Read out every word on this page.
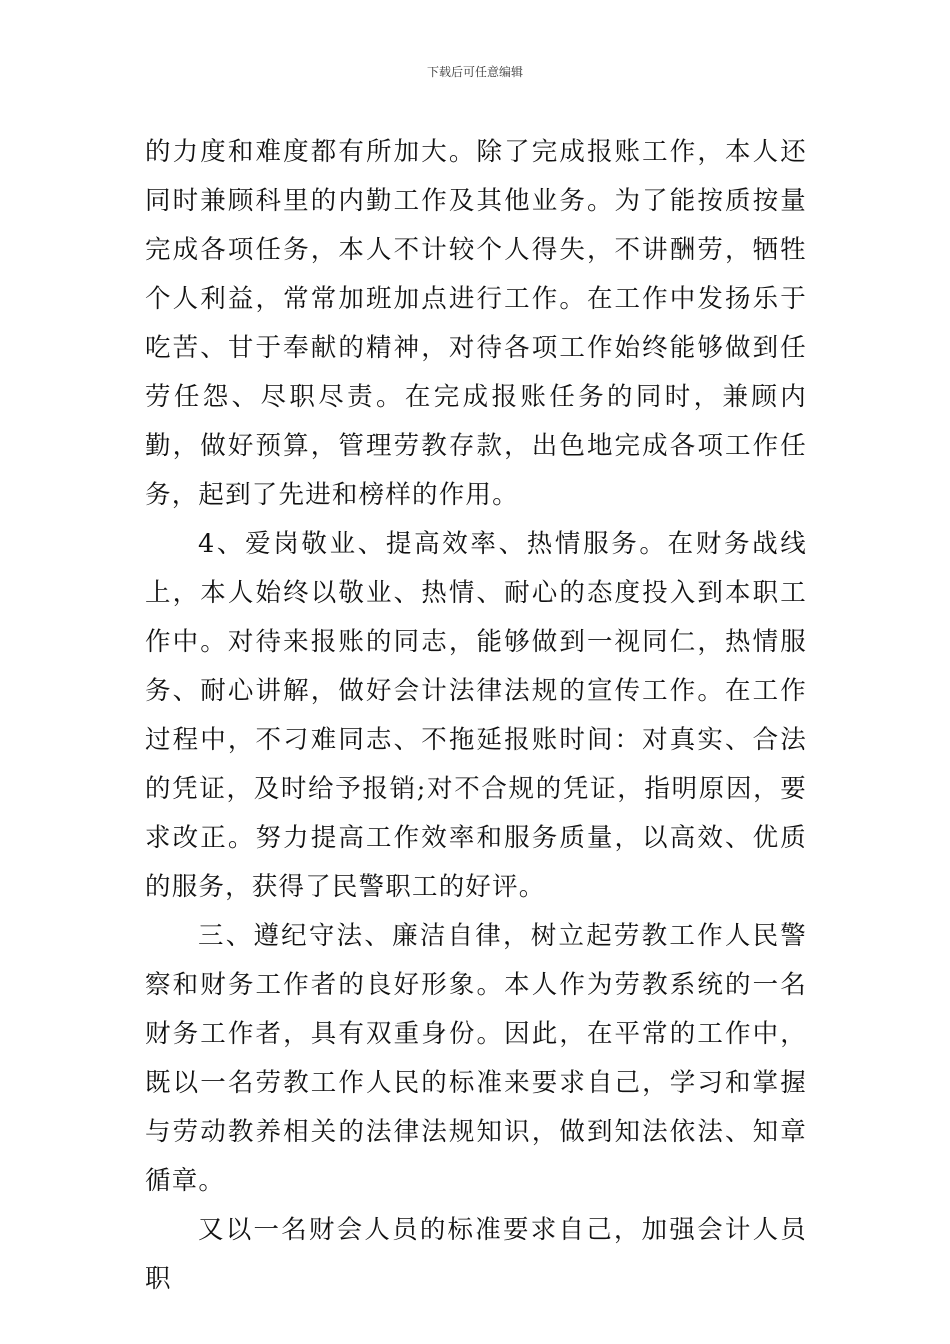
下载后可任意编辑

的力度和难度都有所加大。除了完成报账工作，本人还同时兼顾科里的内勤工作及其他业务。为了能按质按量完成各项任务，本人不计较个人得失，不讲酬劳，牺牲个人利益，常常加班加点进行工作。在工作中发扬乐于吃苦、甘于奉献的精神，对待各项工作始终能够做到任劳任怨、尽职尽责。在完成报账任务的同时，兼顾内勤，做好预算，管理劳教存款，出色地完成各项工作任务，起到了先进和榜样的作用。

4、爱岗敬业、提高效率、热情服务。在财务战线上，本人始终以敬业、热情、耐心的态度投入到本职工作中。对待来报账的同志，能够做到一视同仁，热情服务、耐心讲解，做好会计法律法规的宣传工作。在工作过程中，不刁难同志、不拖延报账时间：对真实、合法的凭证，及时给予报销;对不合规的凭证，指明原因，要求改正。努力提高工作效率和服务质量，以高效、优质的服务，获得了民警职工的好评。

三、遵纪守法、廉洁自律，树立起劳教工作人民警察和财务工作者的良好形象。本人作为劳教系统的一名财务工作者，具有双重身份。因此，在平常的工作中，既以一名劳教工作人民的标准来要求自己，学习和掌握与劳动教养相关的法律法规知识，做到知法依法、知章循章。

又以一名财会人员的标准要求自己，加强会计人员职
